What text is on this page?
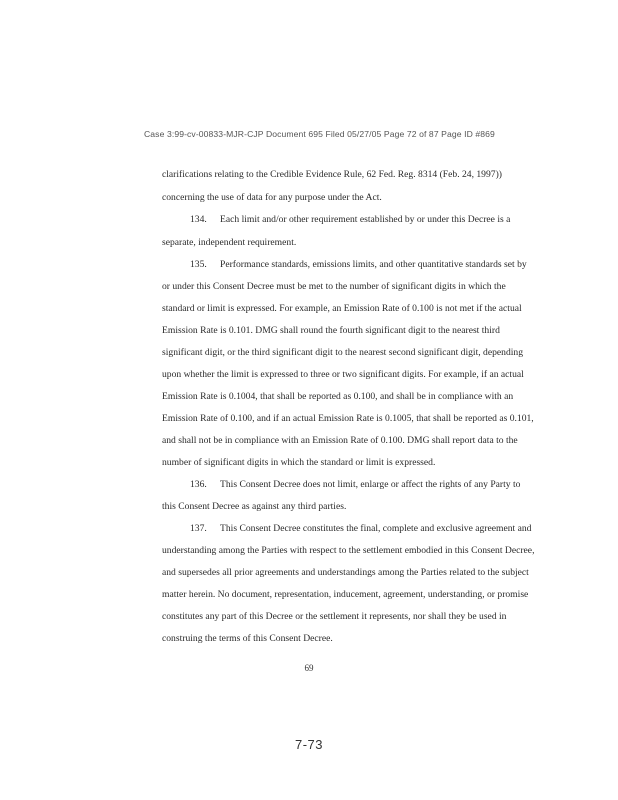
Case 3:99-cv-00833-MJR-CJP Document 695 Filed 05/27/05 Page 72 of 87 Page ID #869
clarifications relating to the Credible Evidence Rule, 62 Fed. Reg. 8314 (Feb. 24, 1997))
concerning the use of data for any purpose under the Act.
134. Each limit and/or other requirement established by or under this Decree is a
separate, independent requirement.
135. Performance standards, emissions limits, and other quantitative standards set by
or under this Consent Decree must be met to the number of significant digits in which the
standard or limit is expressed. For example, an Emission Rate of 0.100 is not met if the actual
Emission Rate is 0.101. DMG shall round the fourth significant digit to the nearest third
significant digit, or the third significant digit to the nearest second significant digit, depending
upon whether the limit is expressed to three or two significant digits. For example, if an actual
Emission Rate is 0.1004, that shall be reported as 0.100, and shall be in compliance with an
Emission Rate of 0.100, and if an actual Emission Rate is 0.1005, that shall be reported as 0.101,
and shall not be in compliance with an Emission Rate of 0.100. DMG shall report data to the
number of significant digits in which the standard or limit is expressed.
136. This Consent Decree does not limit, enlarge or affect the rights of any Party to
this Consent Decree as against any third parties.
137. This Consent Decree constitutes the final, complete and exclusive agreement and
understanding among the Parties with respect to the settlement embodied in this Consent Decree,
and supersedes all prior agreements and understandings among the Parties related to the subject
matter herein. No document, representation, inducement, agreement, understanding, or promise
constitutes any part of this Decree or the settlement it represents, nor shall they be used in
construing the terms of this Consent Decree.
69
7-73
